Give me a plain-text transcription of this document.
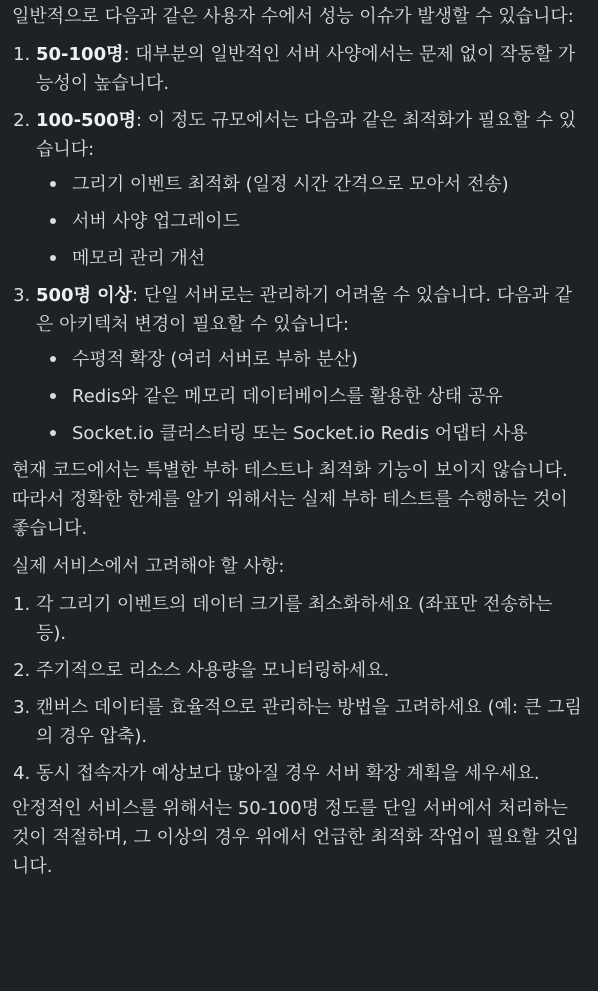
일반적으로 다음과 같은 사용자 수에서 성능 이슈가 발생할 수 있습니다:

1. 50-100명: 대부분의 일반적인 서버 사양에서는 문제 없이 작동할 가능성이 높습니다.
2. 100-500명: 이 정도 규모에서는 다음과 같은 최적화가 필요할 수 있습니다:
그리기 이벤트 최적화 (일정 시간 간격으로 모아서 전송)
서버 사양 업그레이드
메모리 관리 개선
3. 500명 이상: 단일 서버로는 관리하기 어려울 수 있습니다. 다음과 같은 아키텍처 변경이 필요할 수 있습니다:
수평적 확장 (여러 서버로 부하 분산)
Redis와 같은 메모리 데이터베이스를 활용한 상태 공유
Socket.io 클러스터링 또는 Socket.io Redis 어댑터 사용

현재 코드에서는 특별한 부하 테스트나 최적화 기능이 보이지 않습니다. 따라서 정확한 한계를 알기 위해서는 실제 부하 테스트를 수행하는 것이 좋습니다.

실제 서비스에서 고려해야 할 사항:

1. 각 그리기 이벤트의 데이터 크기를 최소화하세요 (좌표만 전송하는 등).
2. 주기적으로 리소스 사용량을 모니터링하세요.
3. 캔버스 데이터를 효율적으로 관리하는 방법을 고려하세요 (예: 큰 그림의 경우 압축).
4. 동시 접속자가 예상보다 많아질 경우 서버 확장 계획을 세우세요.

안정적인 서비스를 위해서는 50-100명 정도를 단일 서버에서 처리하는 것이 적절하며, 그 이상의 경우 위에서 언급한 최적화 작업이 필요할 것입니다.
